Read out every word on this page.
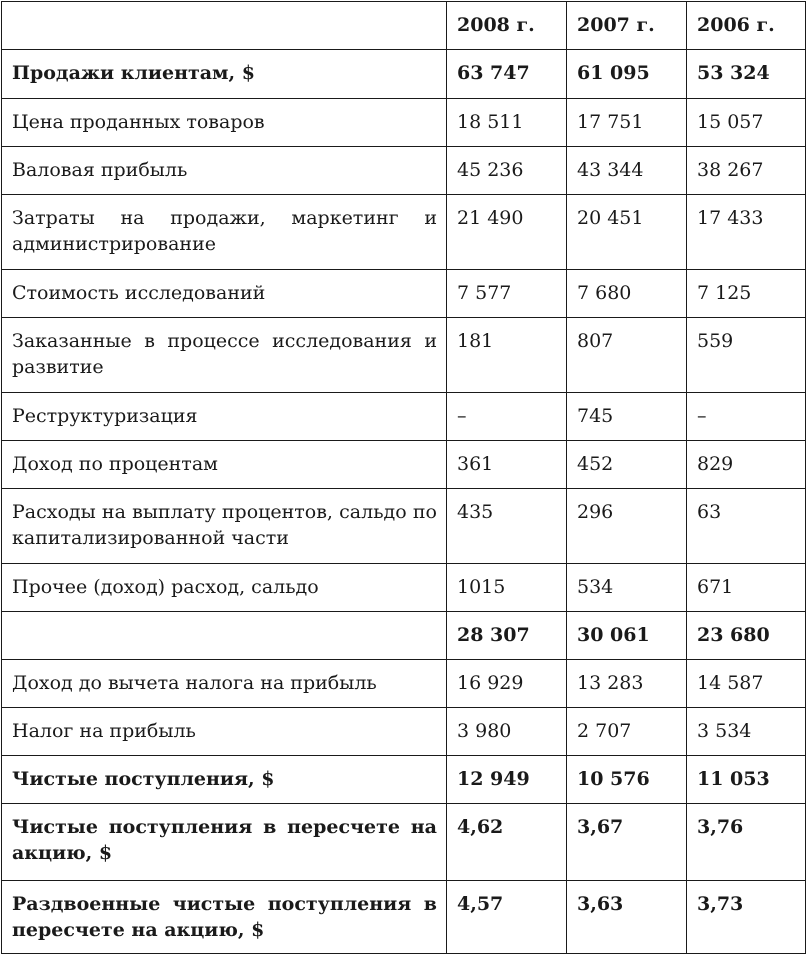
	2008 г.	2007 г.	2006 г.
Продажи клиентам, $	63 747	61 095	53 324
Цена проданных товаров	18 511	17 751	15 057
Валовая прибыль	45 236	43 344	38 267
Затраты на продажи, маркетинг и администрирование	21 490	20 451	17 433
Стоимость исследований	7 577	7 680	7 125
Заказанные в процессе исследования и развитие	181	807	559
Реструктуризация	–	745	–
Доход по процентам	361	452	829
Расходы на выплату процентов, сальдо по капитализированной части	435	296	63
Прочее (доход) расход, сальдо	1015	534	671
	28 307	30 061	23 680
Доход до вычета налога на прибыль	16 929	13 283	14 587
Налог на прибыль	3 980	2 707	3 534
Чистые поступления, $	12 949	10 576	11 053
Чистые поступления в пересчете на акцию, $	4,62	3,67	3,76
Раздвоенные чистые поступления в пересчете на акцию, $	4,57	3,63	3,73
